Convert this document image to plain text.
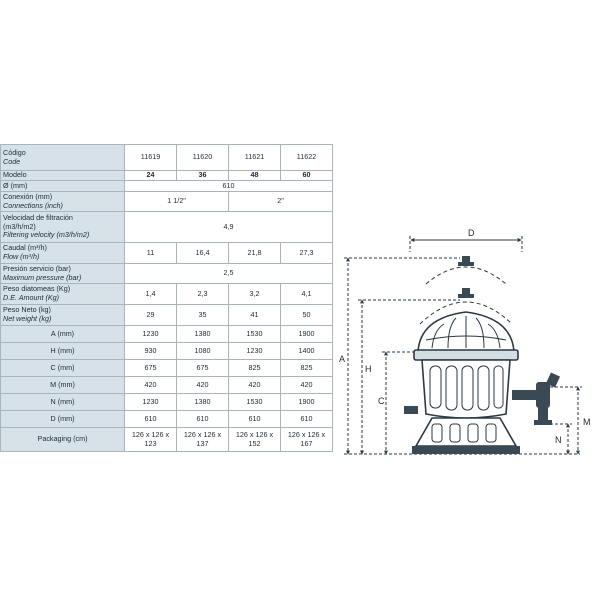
Código
Code	11619	11620	11621	11622
Modelo	24	36	48	60
Ø (mm)	610			

Conexión (mm)
Connections (inch)	1 1/2"		2"	

Velocidad de filtración
(m3/h/m2)
Filtering velocity (m3/h/m2)	4,9			

Caudal (m³/h)
Flow (m³/h)	11	16,4	21,8	27,3

Presión servicio (bar)
Maximum pressure (bar)	2,5			

Peso diatomeas (Kg)
D.E. Amount (Kg)	1,4	2,3	3,2	4,1

Peso Neto (kg)
Net weight (kg)	29	35	41	50
A (mm)	1230	1380	1530	1900
H (mm)	930	1080	1230	1400
C (mm)	675	675	825	825
M (mm)	420	420	420	420
N (mm)	1230	1380	1530	1900
D (mm)	610	610	610	610
Packaging (cm)	126 x 126 x 123	126 x 126 x 137	126 x 126 x 152	126 x 126 x 167
D
A
H
C
M
N
